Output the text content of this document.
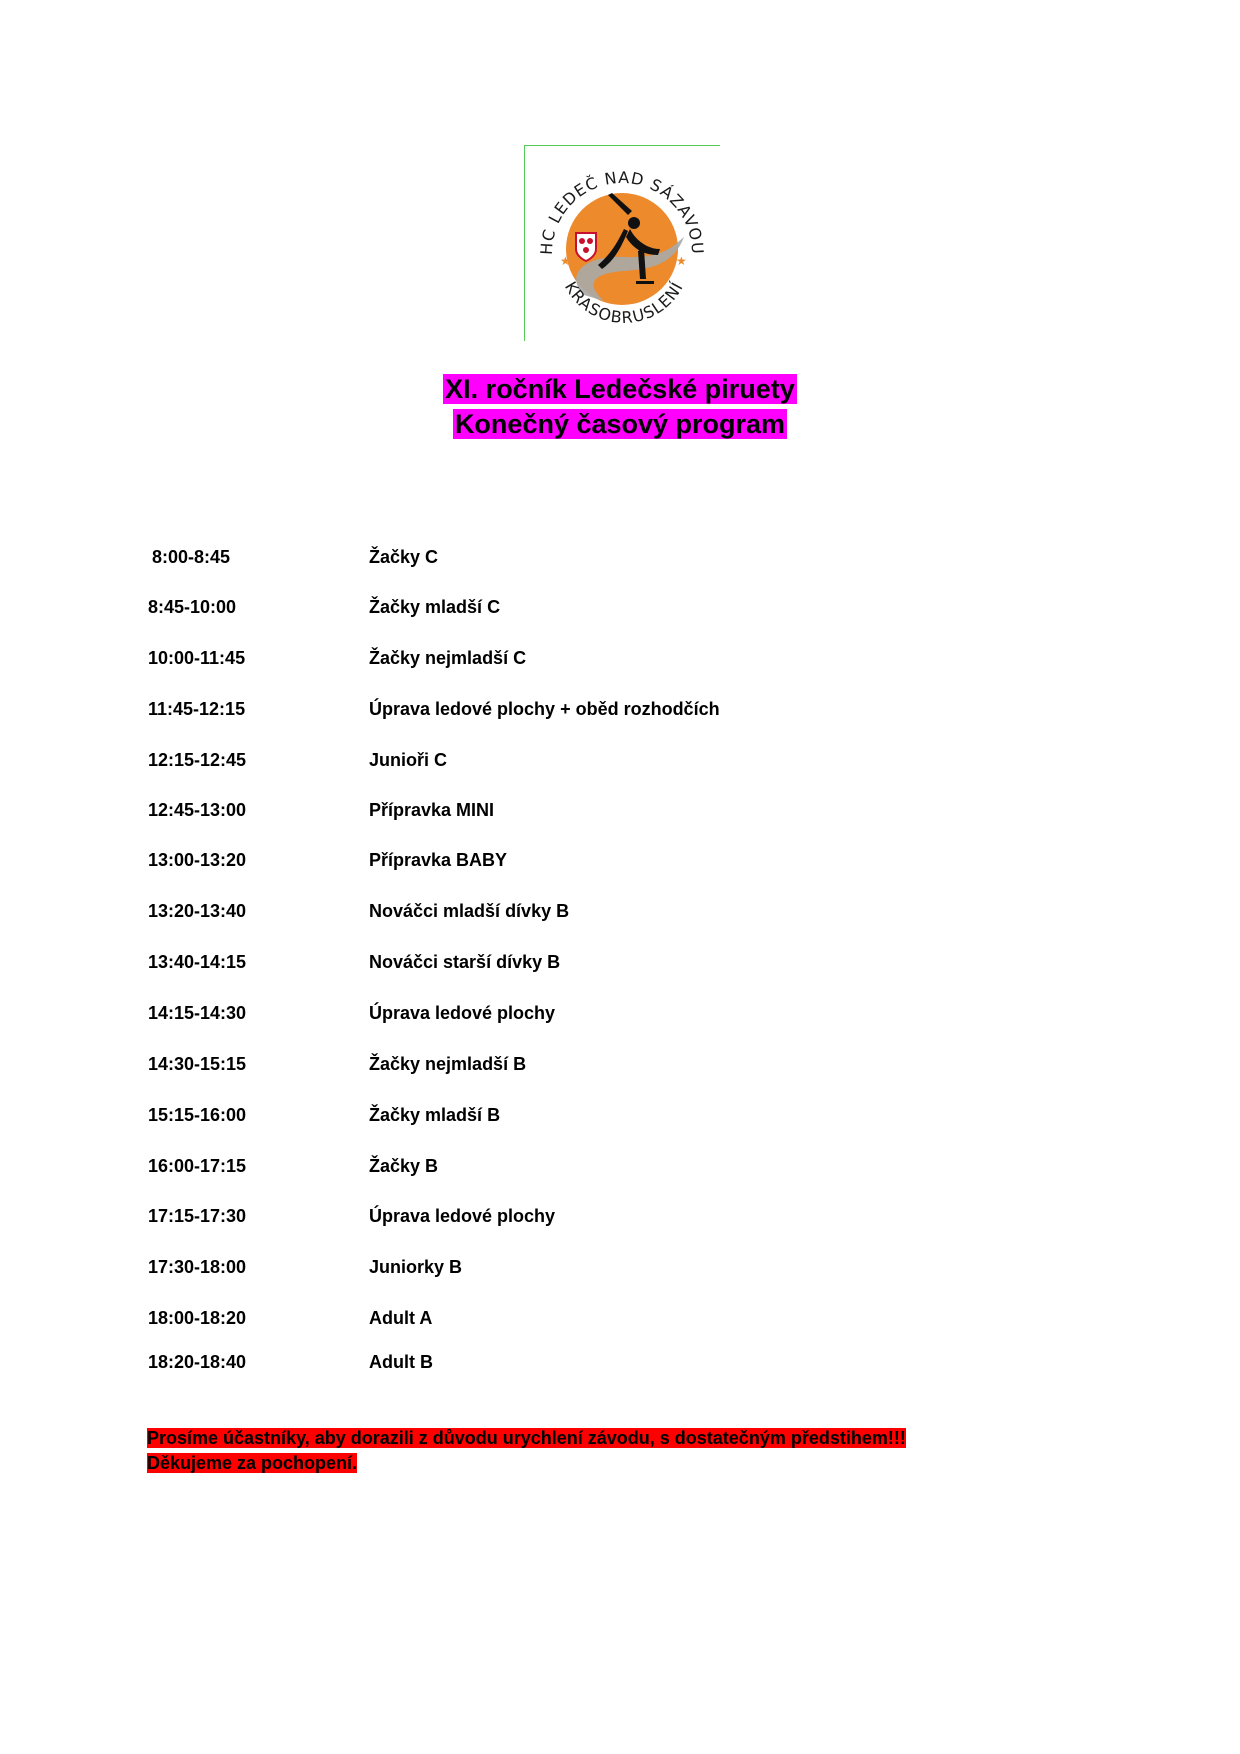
HC LEDEČ NAD SÁZAVOU
KRASOBRUSLENÍ
★	★
XI. ročník Ledečské piruety
Konečný časový program
8:00-8:45	Žačky C
8:45-10:00	Žačky mladší C
10:00-11:45	Žačky nejmladší C
11:45-12:15	Úprava ledové plochy + oběd rozhodčích
12:15-12:45	Junioři C
12:45-13:00	Přípravka MINI
13:00-13:20	Přípravka BABY
13:20-13:40	Nováčci mladší dívky B
13:40-14:15	Nováčci starší dívky B
14:15-14:30	Úprava ledové plochy
14:30-15:15	Žačky nejmladší B
15:15-16:00	Žačky mladší B
16:00-17:15	Žačky B
17:15-17:30	Úprava ledové plochy
17:30-18:00	Juniorky B
18:00-18:20	Adult A
18:20-18:40	Adult B
Prosíme účastníky, aby dorazili z důvodu urychlení závodu, s dostatečným předstihem!!!
Děkujeme za pochopení.
